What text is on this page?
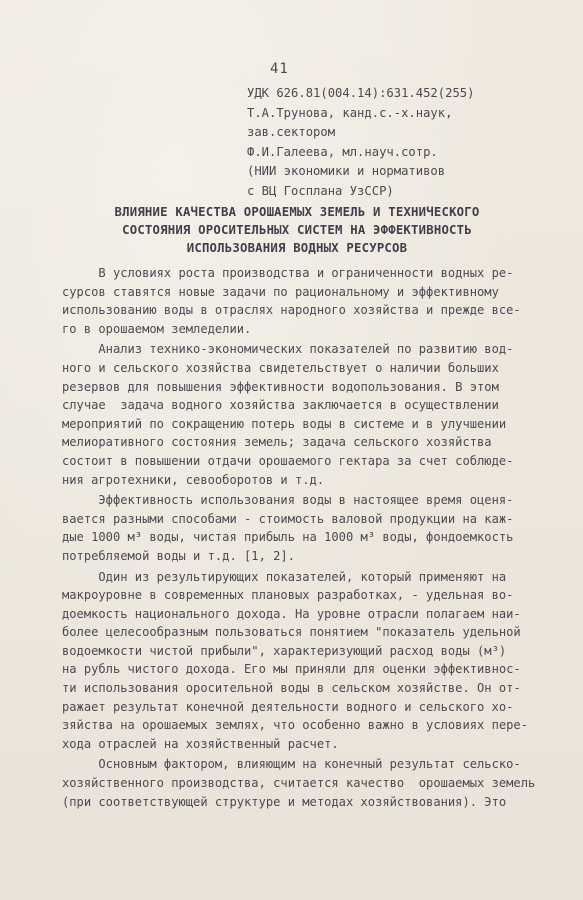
41
УДК 626.81(004.14):631.452(255)
Т.А.Трунова, канд.с.-х.наук,
зав.сектором
Ф.И.Галеева, мл.науч.сотр.
(НИИ экономики и нормативов
с ВЦ Госплана УзССР)
ВЛИЯНИЕ КАЧЕСТВА ОРОШАЕМЫХ ЗЕМЕЛЬ И ТЕХНИЧЕСКОГО
СОСТОЯНИЯ ОРОСИТЕЛЬНЫХ СИСТЕМ НА ЭФФЕКТИВНОСТЬ
ИСПОЛЬЗОВАНИЯ ВОДНЫХ РЕСУРСОВ
В условиях роста производства и ограниченности водных ре-
сурсов ставятся новые задачи по рациональному и эффективному
использованию воды в отраслях народного хозяйства и прежде все-
го в орошаемом земледелии.
Анализ технико-экономических показателей по развитию вод-
ного и сельского хозяйства свидетельствует о наличии больших
резервов для повышения эффективности водопользования. В этом
случае  задача водного хозяйства заключается в осуществлении
мероприятий по сокращению потерь воды в системе и в улучшении
мелиоративного состояния земель; задача сельского хозяйства
состоит в повышении отдачи орошаемого гектара за счет соблюде-
ния агротехники, севооборотов и т.д.
Эффективность использования воды в настоящее время оценя-
вается разными способами - стоимость валовой продукции на каж-
дые 1000 м³ воды, чистая прибыль на 1000 м³ воды, фондоемкость
потребляемой воды и т.д. [1, 2].
Один из результирующих показателей, который применяют на
макроуровне в современных плановых разработках, - удельная во-
доемкость национального дохода. На уровне отрасли полагаем наи-
более целесообразным пользоваться понятием "показатель удельной
водоемкости чистой прибыли", характеризующий расход воды (м³)
на рубль чистого дохода. Его мы приняли для оценки эффективнос-
ти использования оросительной воды в сельском хозяйстве. Он от-
ражает результат конечной деятельности водного и сельского хо-
зяйства на орошаемых землях, что особенно важно в условиях пере-
хода отраслей на хозяйственный расчет.
Основным фактором, влияющим на конечный результат сельско-
хозяйственного производства, считается качество  орошаемых земель
(при соответствующей структуре и методах хозяйствования). Это
